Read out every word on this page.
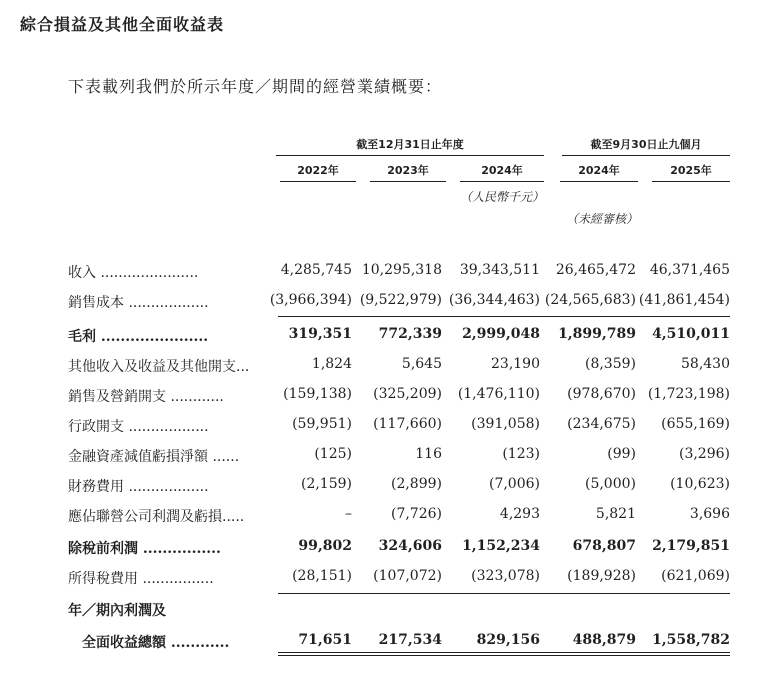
綜合損益及其他全面收益表
下表載列我們於所示年度／期間的經營業績概要：
截至12月31日止年度	截至9月30日止九個月
2022年	2023年	2024年	2024年	2025年
（人民幣千元）
（未經審核）
收入 ......................	4,285,745 10,295,318	39,343,511	26,465,472 46,371,465
銷售成本 ..................	(3,966,394) (9,522,979) (36,344,463) (24,565,683) (41,861,454)
毛利 ......................	319,351	772,339	2,999,048	1,899,789	4,510,011
其他收入及收益及其他開支...	1,824	5,645	23,190	(8,359)	58,430
銷售及營銷開支 ............	(159,138)	(325,209)	(1,476,110)	(978,670) (1,723,198)
行政開支 ..................	(59,951)	(117,660)	(391,058)	(234,675)	(655,169)
金融資產減值虧損淨額 ......	(125)	116	(123)	(99)	(3,296)
財務費用 ..................	(2,159)	(2,899)	(7,006)	(5,000)	(10,623)
應佔聯營公司利潤及虧損.....	–	(7,726)	4,293	5,821	3,696
除稅前利潤 ................	99,802	324,606	1,152,234	678,807	2,179,851
所得稅費用 ................	(28,151)	(107,072)	(323,078)	(189,928)	(621,069)
年／期內利潤及
　全面收益總額 ............	71,651	217,534	829,156	488,879	1,558,782
